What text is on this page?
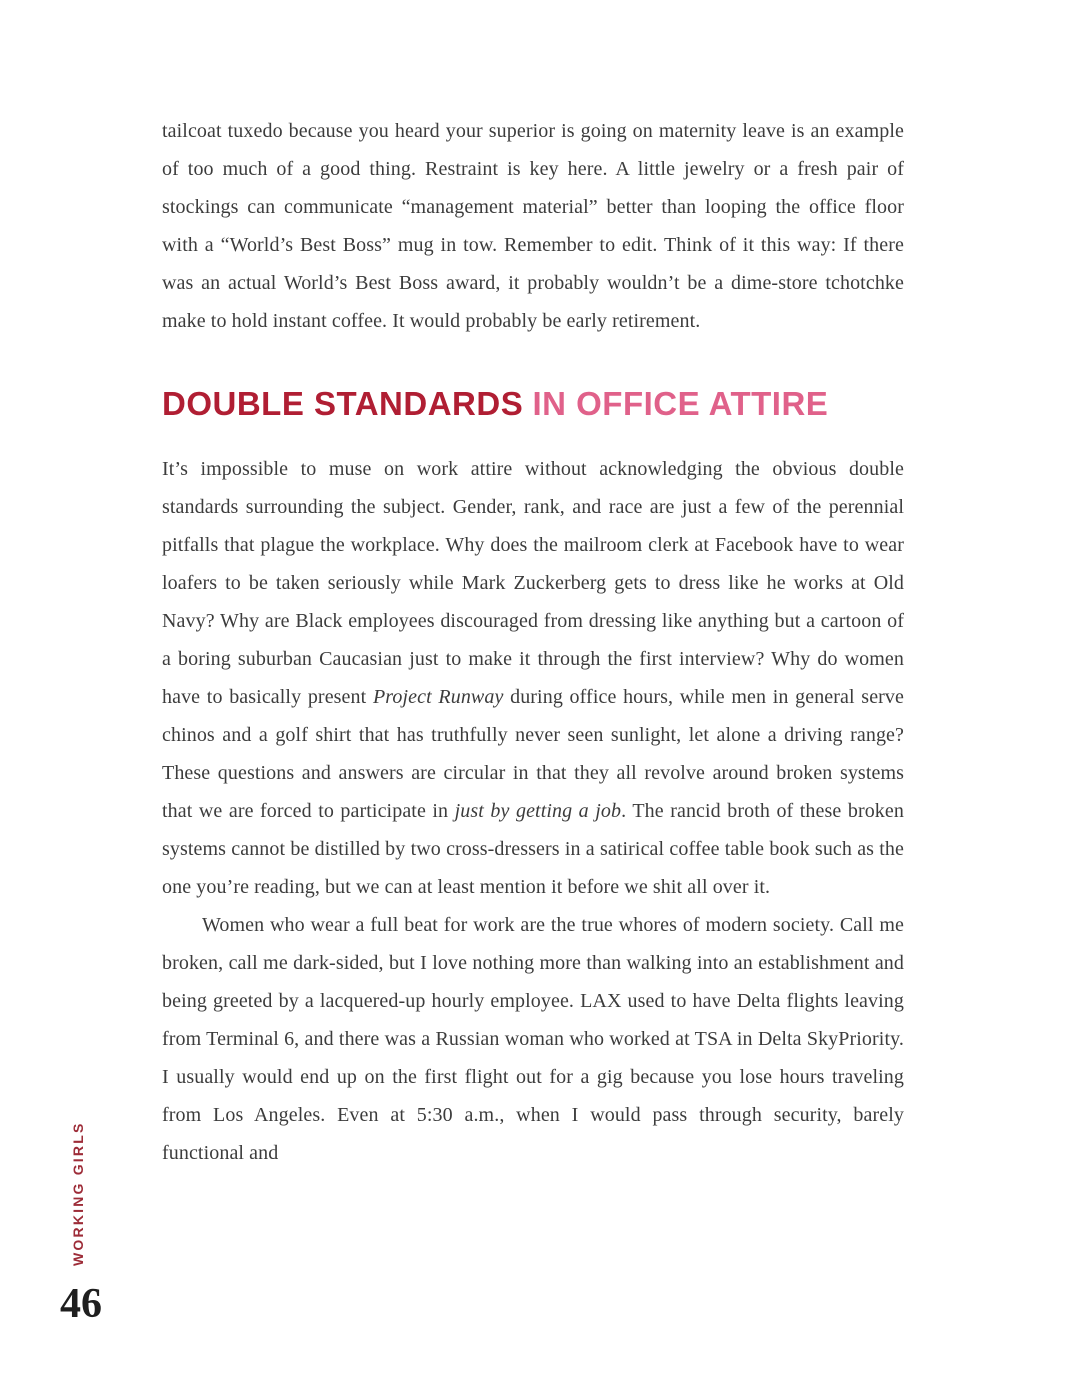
tailcoat tuxedo because you heard your superior is going on maternity leave is an example of too much of a good thing. Restraint is key here. A little jewelry or a fresh pair of stockings can communicate “management material” better than looping the office floor with a “World’s Best Boss” mug in tow. Remember to edit. Think of it this way: If there was an actual World’s Best Boss award, it probably wouldn’t be a dime-store tchotchke make to hold instant coffee. It would probably be early retirement.

DOUBLE STANDARDS IN OFFICE ATTIRE

It’s impossible to muse on work attire without acknowledging the obvious double standards surrounding the subject. Gender, rank, and race are just a few of the perennial pitfalls that plague the workplace. Why does the mailroom clerk at Facebook have to wear loafers to be taken seriously while Mark Zuckerberg gets to dress like he works at Old Navy? Why are Black employees discouraged from dressing like anything but a cartoon of a boring suburban Caucasian just to make it through the first interview? Why do women have to basically present Project Runway during office hours, while men in general serve chinos and a golf shirt that has truthfully never seen sunlight, let alone a driving range? These questions and answers are circular in that they all revolve around broken systems that we are forced to participate in just by getting a job. The rancid broth of these broken systems cannot be distilled by two cross-dressers in a satirical coffee table book such as the one you’re reading, but we can at least mention it before we shit all over it.

Women who wear a full beat for work are the true whores of modern society. Call me broken, call me dark-sided, but I love nothing more than walking into an establishment and being greeted by a lacquered-up hourly employee. LAX used to have Delta flights leaving from Terminal 6, and there was a Russian woman who worked at TSA in Delta SkyPriority. I usually would end up on the first flight out for a gig because you lose hours traveling from Los Angeles. Even at 5:30 a.m., when I would pass through security, barely functional and

WORKING GIRLS
46
